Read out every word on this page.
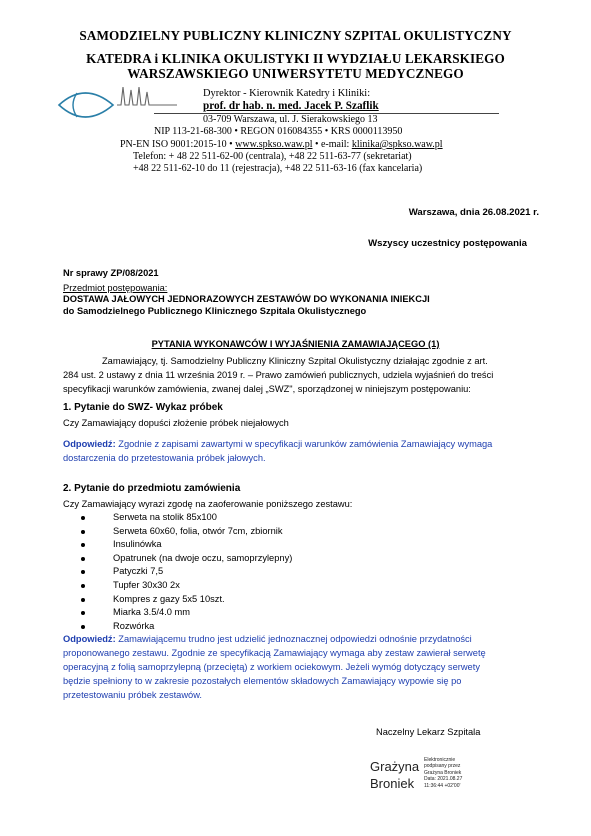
SAMODZIELNY PUBLICZNY KLINICZNY SZPITAL OKULISTYCZNY
KATEDRA i KLINIKA OKULISTYKI II WYDZIAŁU LEKARSKIEGO
WARSZAWSKIEGO UNIWERSYTETU MEDYCZNEGO
Dyrektor - Kierownik Katedry i Kliniki:
prof. dr hab. n. med. Jacek P. Szaflik
03-709 Warszawa, ul. J. Sierakowskiego 13
NIP 113-21-68-300 • REGON 016084355 • KRS 0000113950
PN-EN ISO 9001:2015-10 • www.spkso.waw.pl • e-mail: klinika@spkso.waw.pl
Telefon: + 48 22 511-62-00 (centrala), +48 22 511-63-77 (sekretariat)
+48 22 511-62-10 do 11 (rejestracja), +48 22 511-63-16 (fax kancelaria)
Warszawa, dnia 26.08.2021 r.
Wszyscy uczestnicy postępowania
Nr sprawy ZP/08/2021
Przedmiot postępowania:
DOSTAWA JAŁOWYCH JEDNORAZOWYCH ZESTAWÓW DO WYKONANIA INIEKCJI
do Samodzielnego Publicznego Klinicznego Szpitala Okulistycznego
PYTANIA WYKONAWCÓW I WYJAŚNIENIA ZAMAWIAJĄCEGO (1)
Zamawiający, tj. Samodzielny Publiczny Kliniczny Szpital Okulistyczny działając zgodnie z art.
284 ust. 2 ustawy z dnia 11 września 2019 r. – Prawo zamówień publicznych, udziela wyjaśnień do treści
specyfikacji warunków zamówienia, zwanej dalej „SWZ", sporządzonej w niniejszym postępowaniu:
1. Pytanie do SWZ- Wykaz próbek
Czy Zamawiający dopuści złożenie próbek niejałowych
Odpowiedź: Zgodnie z zapisami zawartymi w specyfikacji warunków zamówienia Zamawiający wymaga
dostarczenia do przetestowania próbek jałowych.
2. Pytanie do przedmiotu zamówienia
Czy Zamawiający wyrazi zgodę na zaoferowanie poniższego zestawu:
Serweta na stolik 85x100
Serweta 60x60, folia, otwór 7cm, zbiornik
Insulinówka
Opatrunek (na dwoje oczu, samoprzylepny)
Patyczki 7,5
Tupfer 30x30 2x
Kompres z gazy 5x5 10szt.
Miarka 3.5/4.0 mm
Rozwórka
Odpowiedź: Zamawiającemu trudno jest udzielić jednoznacznej odpowiedzi odnośnie przydatności
proponowanego zestawu. Zgodnie ze specyfikacją Zamawiający wymaga aby zestaw zawierał serwetę
operacyjną z folią samoprzylepną (przeciętą) z workiem ociekowym. Jeżeli wymóg dotyczący serwety
będzie spełniony to w zakresie pozostałych elementów składowych Zamawiający wypowie się po
przetestowaniu próbek zestawów.
Naczelny Lekarz Szpitala
Grażyna
Broniek
Elektronicznie
podpisany przez
Grażyna Broniek
Data: 2021.08.27
11:36:44 +02'00'
